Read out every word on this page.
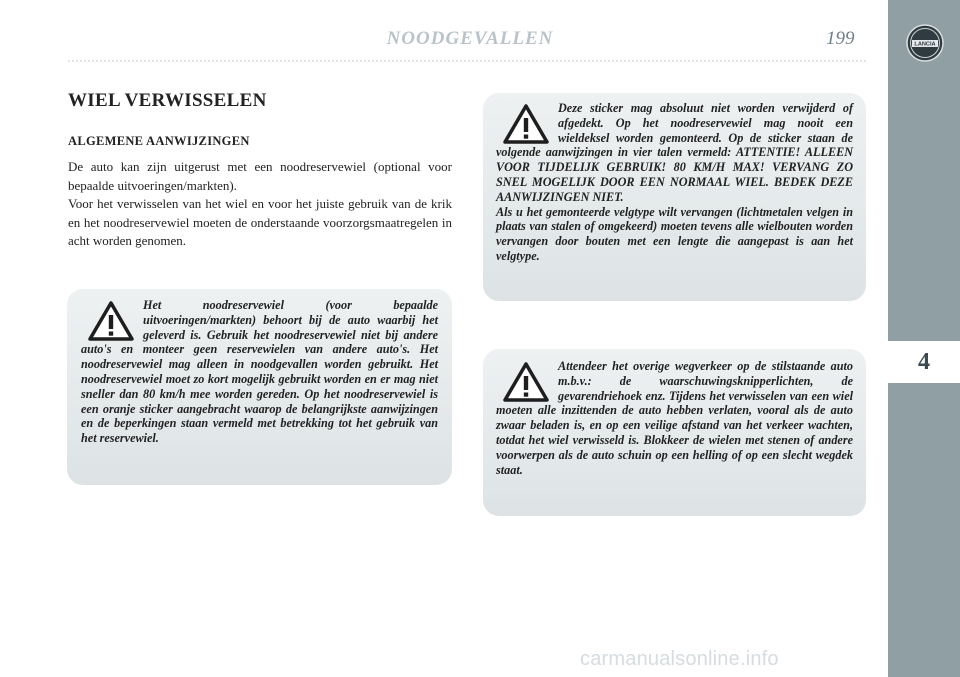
NOODGEVALLEN	199	LANCIA
4
WIEL VERWISSELEN
ALGEMENE AANWIJZINGEN

De auto kan zijn uitgerust met een noodreservewiel (optional voor bepaalde uitvoeringen/markten).

Voor het verwisselen van het wiel en voor het juiste gebruik van de krik en het noodreservewiel moeten de onderstaande voorzorgsmaatregelen in acht worden genomen.

Het noodreservewiel (voor bepaalde uitvoeringen/markten) behoort bij de auto waarbij het geleverd is. Gebruik het noodreservewiel niet bij andere auto's en monteer geen reservewielen van andere auto's. Het noodreservewiel mag alleen in noodgevallen worden gebruikt. Het noodreservewiel moet zo kort mogelijk gebruikt worden en er mag niet sneller dan 80 km/h mee worden gereden. Op het noodreservewiel is een oranje sticker aangebracht waarop de belangrijkste aanwijzingen en de beperkingen staan vermeld met betrekking tot het gebruik van het reservewiel.

Deze sticker mag absoluut niet worden verwijderd of afgedekt. Op het noodreservewiel mag nooit een wieldeksel worden gemonteerd. Op de sticker staan de volgende aanwijzingen in vier talen vermeld: ATTENTIE! ALLEEN VOOR TIJDELIJK GEBRUIK! 80 KM/H MAX! VERVANG ZO SNEL MOGELIJK DOOR EEN NORMAAL WIEL. BEDEK DEZE AANWIJZINGEN NIET.

Als u het gemonteerde velgtype wilt vervangen (lichtmetalen velgen in plaats van stalen of omgekeerd) moeten tevens alle wielbouten worden vervangen door bouten met een lengte die aangepast is aan het velgtype.

Attendeer het overige wegverkeer op de stilstaande auto m.b.v.: de waarschuwingsknipperlichten, de gevarendriehoek enz. Tijdens het verwisselen van een wiel moeten alle inzittenden de auto hebben verlaten, vooral als de auto zwaar beladen is, en op een veilige afstand van het verkeer wachten, totdat het wiel verwisseld is. Blokkeer de wielen met stenen of andere voorwerpen als de auto schuin op een helling of op een slecht wegdek staat.

carmanualsonline.info
